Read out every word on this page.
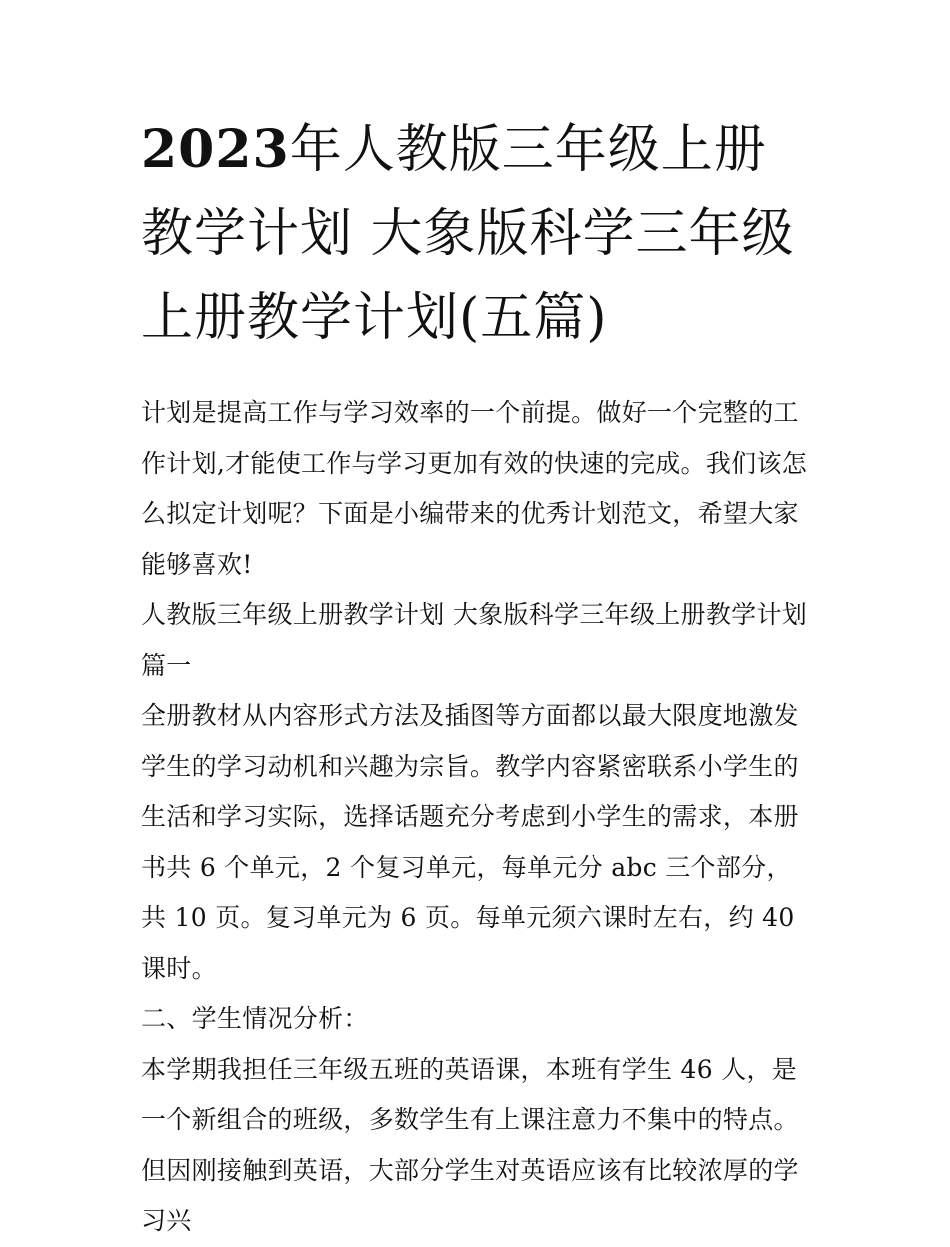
2023年人教版三年级上册教学计划 大象版科学三年级上册教学计划(五篇)

计划是提高工作与学习效率的一个前提。做好一个完整的工作计划,才能使工作与学习更加有效的快速的完成。我们该怎么拟定计划呢？下面是小编带来的优秀计划范文，希望大家能够喜欢!

人教版三年级上册教学计划 大象版科学三年级上册教学计划篇一

全册教材从内容形式方法及插图等方面都以最大限度地激发学生的学习动机和兴趣为宗旨。教学内容紧密联系小学生的生活和学习实际，选择话题充分考虑到小学生的需求，本册书共 6 个单元，2 个复习单元，每单元分 abc 三个部分，共 10 页。复习单元为 6 页。每单元须六课时左右，约 40 课时。

二、学生情况分析：

本学期我担任三年级五班的英语课，本班有学生 46 人，是一个新组合的班级，多数学生有上课注意力不集中的特点。但因刚接触到英语，大部分学生对英语应该有比较浓厚的学习兴
